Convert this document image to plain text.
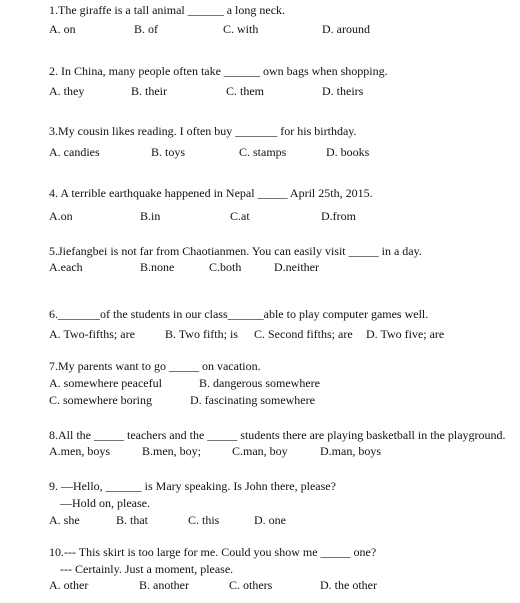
1.The giraffe is a tall animal ______ a long neck.
A. on	B. of	C. with	D. around
2. In China, many people often take ______ own bags when shopping.
A. they	B. their	C. them	D. theirs
3.My cousin likes reading. I often buy _______ for his birthday.
A. candies	B. toys	C. stamps	D. books
4. A terrible earthquake happened in Nepal _____ April 25th, 2015.
A.on	B.in	C.at	D.from
5.Jiefangbei is not far from Chaotianmen. You can easily visit _____ in a day.
A.each	B.none	C.both	D.neither
6._______of the students in our class______able to play computer games well.
A. Two-fifths; are	B. Two fifth; is C. Second fifths; are D. Two five; are
7.My parents want to go _____ on vacation.
A. somewhere peaceful	B. dangerous somewhere
C. somewhere boring	D. fascinating somewhere
8.All the _____ teachers and the _____ students there are playing basketball in the playground.
A.men, boys	B.men, boy;	C.man, boy	D.man, boys
9. —Hello, ______ is Mary speaking. Is John there, please?
—Hold on, please.
A. she	B. that	C. this	D. one
10.--- This skirt is too large for me. Could you show me _____ one?
--- Certainly. Just a moment, please.
A. other	B. another	C. others	D. the other
